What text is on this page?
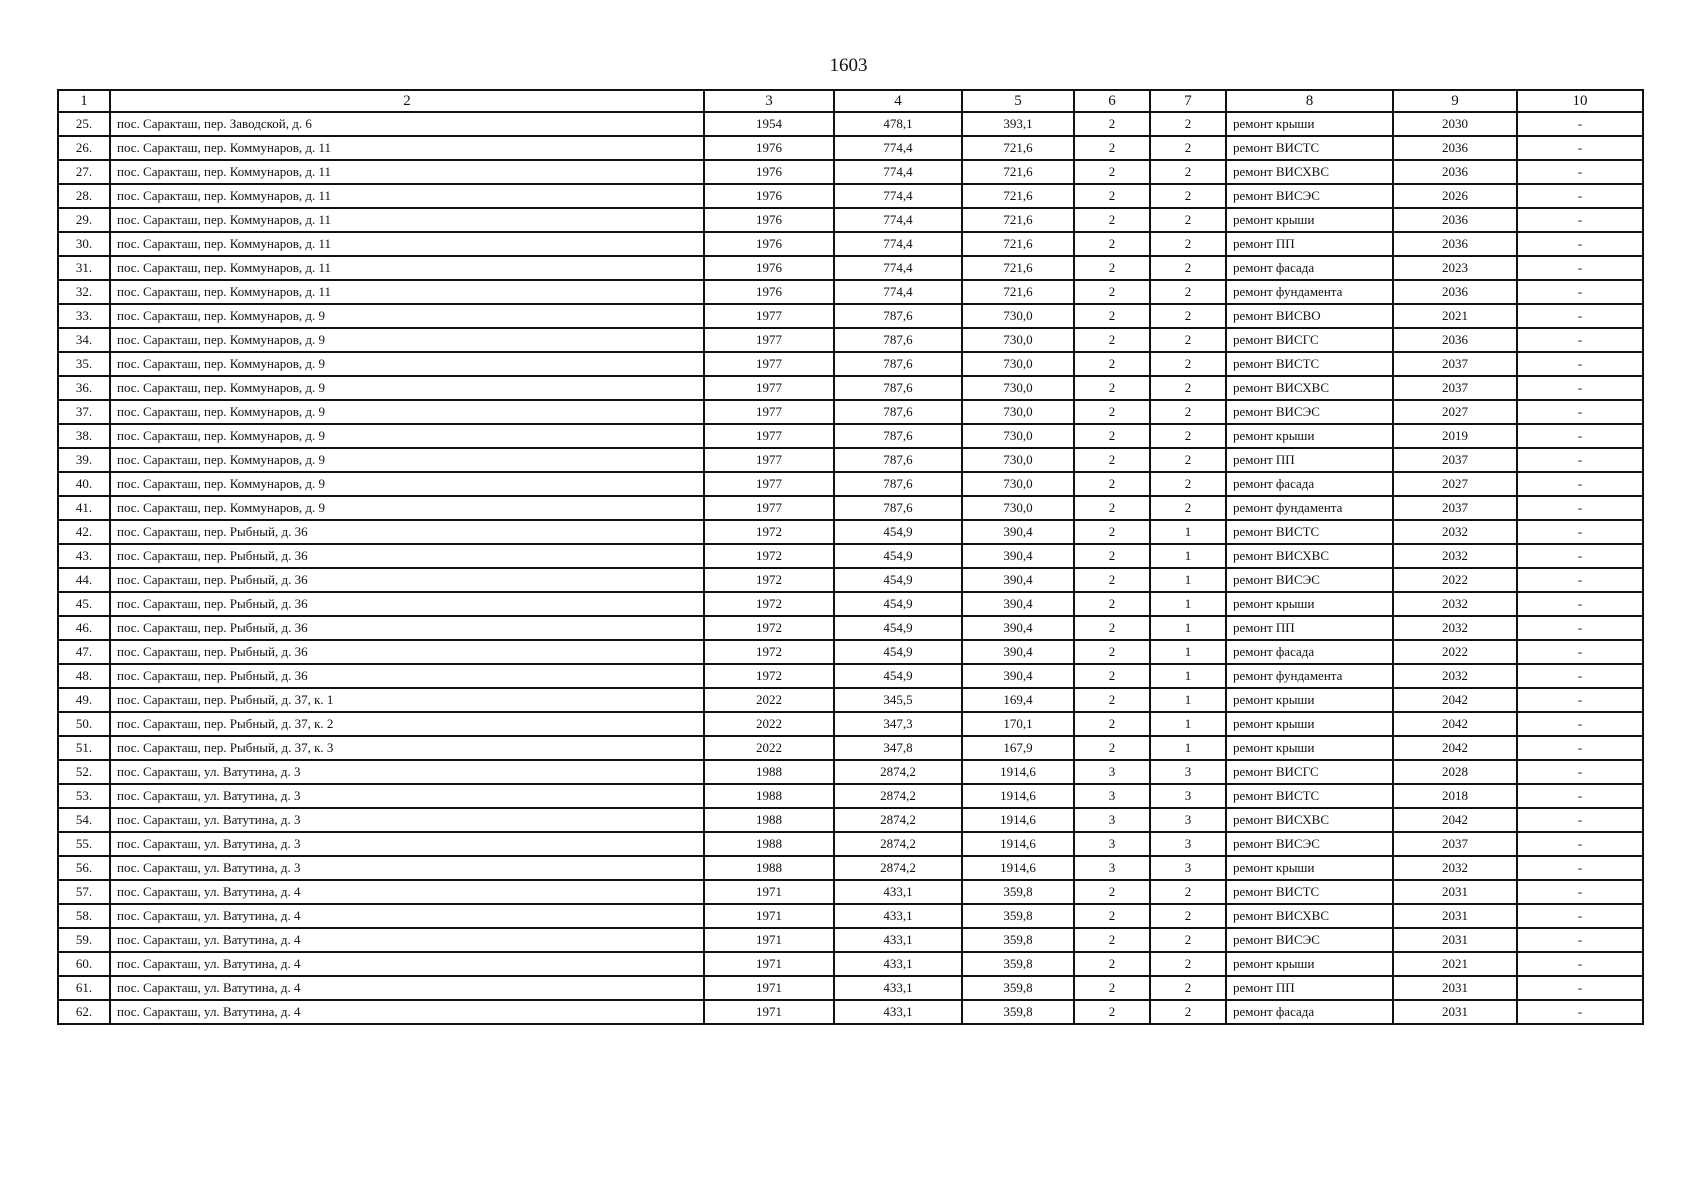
1603
1	2	3	4	5	6	7	8	9	10
25.	пос. Саракташ, пер. Заводской, д. 6	1954	478,1	393,1	2	2	ремонт крыши	2030	-
26.	пос. Саракташ, пер. Коммунаров, д. 11	1976	774,4	721,6	2	2	ремонт ВИСТС	2036	-
27.	пос. Саракташ, пер. Коммунаров, д. 11	1976	774,4	721,6	2	2	ремонт ВИСХВС	2036	-
28.	пос. Саракташ, пер. Коммунаров, д. 11	1976	774,4	721,6	2	2	ремонт ВИСЭС	2026	-
29.	пос. Саракташ, пер. Коммунаров, д. 11	1976	774,4	721,6	2	2	ремонт крыши	2036	-
30.	пос. Саракташ, пер. Коммунаров, д. 11	1976	774,4	721,6	2	2	ремонт ПП	2036	-
31.	пос. Саракташ, пер. Коммунаров, д. 11	1976	774,4	721,6	2	2	ремонт фасада	2023	-
32.	пос. Саракташ, пер. Коммунаров, д. 11	1976	774,4	721,6	2	2	ремонт фундамента	2036	-
33.	пос. Саракташ, пер. Коммунаров, д. 9	1977	787,6	730,0	2	2	ремонт ВИСВО	2021	-
34.	пос. Саракташ, пер. Коммунаров, д. 9	1977	787,6	730,0	2	2	ремонт ВИСГС	2036	-
35.	пос. Саракташ, пер. Коммунаров, д. 9	1977	787,6	730,0	2	2	ремонт ВИСТС	2037	-
36.	пос. Саракташ, пер. Коммунаров, д. 9	1977	787,6	730,0	2	2	ремонт ВИСХВС	2037	-
37.	пос. Саракташ, пер. Коммунаров, д. 9	1977	787,6	730,0	2	2	ремонт ВИСЭС	2027	-
38.	пос. Саракташ, пер. Коммунаров, д. 9	1977	787,6	730,0	2	2	ремонт крыши	2019	-
39.	пос. Саракташ, пер. Коммунаров, д. 9	1977	787,6	730,0	2	2	ремонт ПП	2037	-
40.	пос. Саракташ, пер. Коммунаров, д. 9	1977	787,6	730,0	2	2	ремонт фасада	2027	-
41.	пос. Саракташ, пер. Коммунаров, д. 9	1977	787,6	730,0	2	2	ремонт фундамента	2037	-
42.	пос. Саракташ, пер. Рыбный, д. 36	1972	454,9	390,4	2	1	ремонт ВИСТС	2032	-
43.	пос. Саракташ, пер. Рыбный, д. 36	1972	454,9	390,4	2	1	ремонт ВИСХВС	2032	-
44.	пос. Саракташ, пер. Рыбный, д. 36	1972	454,9	390,4	2	1	ремонт ВИСЭС	2022	-
45.	пос. Саракташ, пер. Рыбный, д. 36	1972	454,9	390,4	2	1	ремонт крыши	2032	-
46.	пос. Саракташ, пер. Рыбный, д. 36	1972	454,9	390,4	2	1	ремонт ПП	2032	-
47.	пос. Саракташ, пер. Рыбный, д. 36	1972	454,9	390,4	2	1	ремонт фасада	2022	-
48.	пос. Саракташ, пер. Рыбный, д. 36	1972	454,9	390,4	2	1	ремонт фундамента	2032	-
49.	пос. Саракташ, пер. Рыбный, д. 37, к. 1	2022	345,5	169,4	2	1	ремонт крыши	2042	-
50.	пос. Саракташ, пер. Рыбный, д. 37, к. 2	2022	347,3	170,1	2	1	ремонт крыши	2042	-
51.	пос. Саракташ, пер. Рыбный, д. 37, к. 3	2022	347,8	167,9	2	1	ремонт крыши	2042	-
52.	пос. Саракташ, ул. Ватутина, д. 3	1988	2874,2	1914,6	3	3	ремонт ВИСГС	2028	-
53.	пос. Саракташ, ул. Ватутина, д. 3	1988	2874,2	1914,6	3	3	ремонт ВИСТС	2018	-
54.	пос. Саракташ, ул. Ватутина, д. 3	1988	2874,2	1914,6	3	3	ремонт ВИСХВС	2042	-
55.	пос. Саракташ, ул. Ватутина, д. 3	1988	2874,2	1914,6	3	3	ремонт ВИСЭС	2037	-
56.	пос. Саракташ, ул. Ватутина, д. 3	1988	2874,2	1914,6	3	3	ремонт крыши	2032	-
57.	пос. Саракташ, ул. Ватутина, д. 4	1971	433,1	359,8	2	2	ремонт ВИСТС	2031	-
58.	пос. Саракташ, ул. Ватутина, д. 4	1971	433,1	359,8	2	2	ремонт ВИСХВС	2031	-
59.	пос. Саракташ, ул. Ватутина, д. 4	1971	433,1	359,8	2	2	ремонт ВИСЭС	2031	-
60.	пос. Саракташ, ул. Ватутина, д. 4	1971	433,1	359,8	2	2	ремонт крыши	2021	-
61.	пос. Саракташ, ул. Ватутина, д. 4	1971	433,1	359,8	2	2	ремонт ПП	2031	-
62.	пос. Саракташ, ул. Ватутина, д. 4	1971	433,1	359,8	2	2	ремонт фасада	2031	-
